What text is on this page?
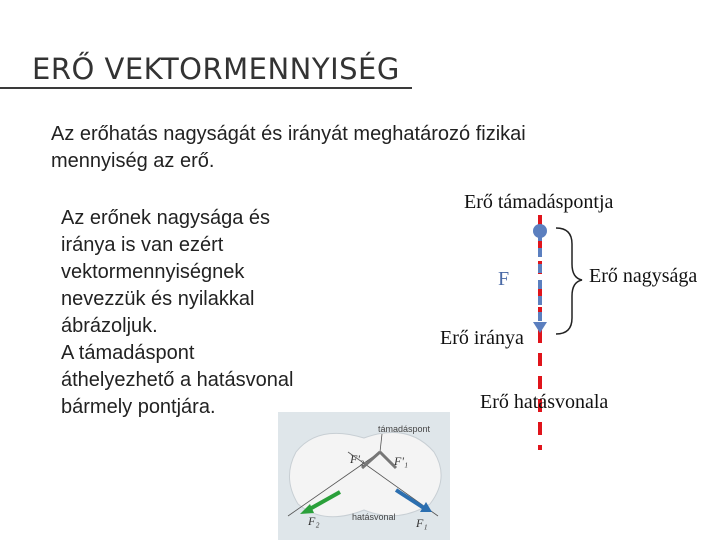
ERŐ VEKTORMENNYISÉG
Az erőhatás nagyságát és irányát meghatározó fizikai
mennyiség az erő.
Az erőnek nagysága és
iránya is van ezért
vektormennyiségnek
nevezzük és nyilakkal
ábrázoljuk.
A támadáspont
áthelyezhető a hatásvonal
bármely pontjára.
Erő támadáspontja
F	Erő nagysága
Erő iránya
Erő hatásvonala
támadáspont
hatásvonal
F'₂ F'₁
F₂	F₁
